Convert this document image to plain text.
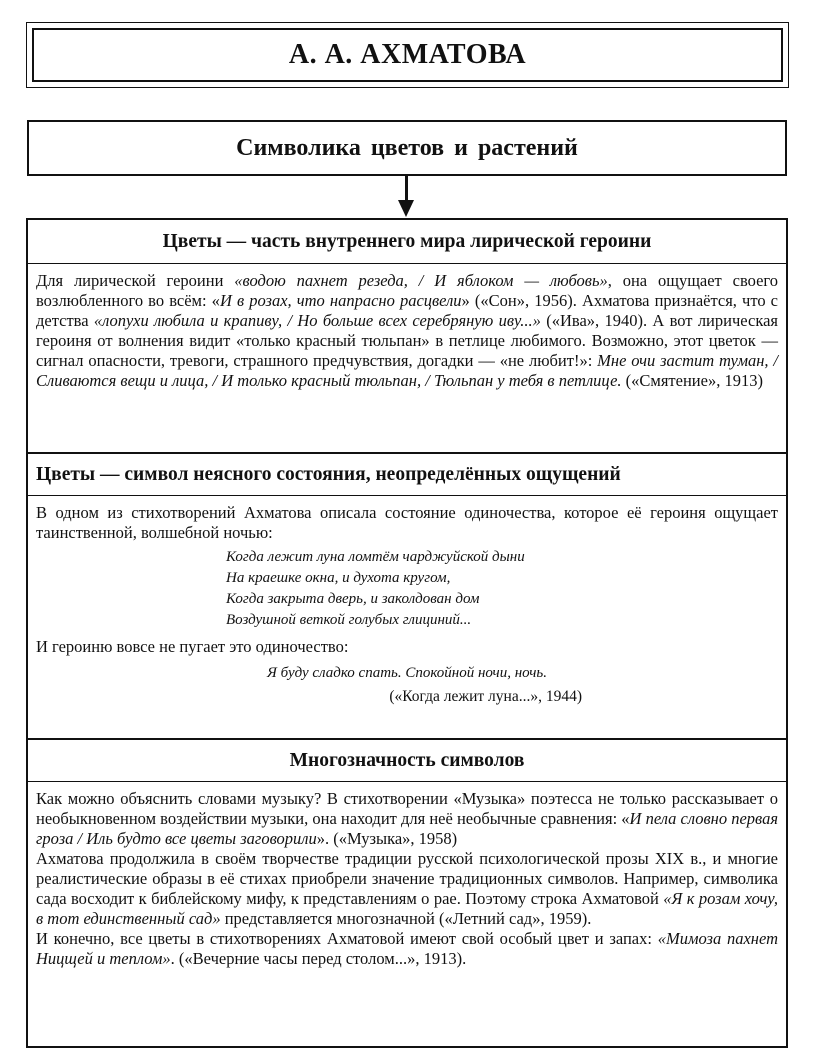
А. А. АХМАТОВА
Символика цветов и растений
Цветы — часть внутреннего мира лирической героини
Для лирической героини «водою пахнет резеда, / И яблоком — любовь», она ощущает своего возлюбленного во всём: «И в розах, что напрасно расцвели» («Сон», 1956). Ахматова признаётся, что с детства «лопухи любила и крапиву, / Но больше всех серебряную иву...» («Ива», 1940). А вот лирическая героиня от волнения видит «только красный тюльпан» в петлице любимого. Возможно, этот цветок — сигнал опасности, тревоги, страшного предчувствия, догадки — «не любит!»: Мне очи застит туман, / Сливаются вещи и лица, / И только красный тюльпан, / Тюльпан у тебя в петлице. («Смятение», 1913)
Цветы — символ неясного состояния, неопределённых ощущений
В одном из стихотворений Ахматова описала состояние одиночества, которое её героиня ощущает таинственной, волшебной ночью:
Когда лежит луна ломтём чарджуйской дыни
На краешке окна, и духота кругом,
Когда закрыта дверь, и заколдован дом
Воздушной веткой голубых глициний...
И героиню вовсе не пугает это одиночество:
Я буду сладко спать. Спокойной ночи, ночь.
(«Когда лежит луна...», 1944)
Многозначность символов
Как можно объяснить словами музыку? В стихотворении «Музыка» поэтесса не только рассказывает о необыкновенном воздействии музыки, она находит для неё необычные сравнения: «И пела словно первая гроза / Иль будто все цветы заговорили». («Музыка», 1958)
Ахматова продолжила в своём творчестве традиции русской психологической прозы XIX в., и многие реалистические образы в её стихах приобрели значение традиционных символов. Например, символика сада восходит к библейскому мифу, к представлениям о рае. Поэтому строка Ахматовой «Я к розам хочу, в тот единственный сад» представляется многозначной («Летний сад», 1959).
И конечно, все цветы в стихотворениях Ахматовой имеют свой особый цвет и запах: «Мимоза пахнет Ницщей и теплом». («Вечерние часы перед столом...», 1913).
